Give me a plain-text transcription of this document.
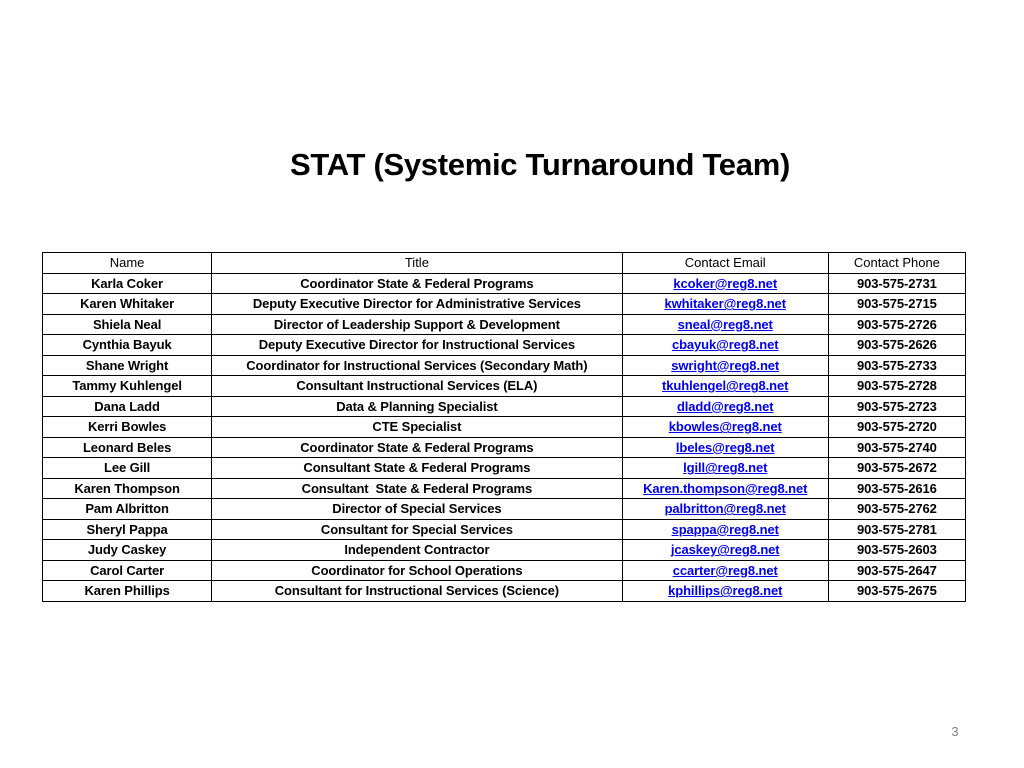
STAT (Systemic Turnaround Team)
Name	Title	Contact Email	Contact Phone
Karla Coker	Coordinator State & Federal Programs	kcoker@reg8.net	903-575-2731
Karen Whitaker	Deputy Executive Director for Administrative Services	kwhitaker@reg8.net	903-575-2715
Shiela Neal	Director of Leadership Support & Development	sneal@reg8.net	903-575-2726
Cynthia Bayuk	Deputy Executive Director for Instructional Services	cbayuk@reg8.net	903-575-2626
Shane Wright	Coordinator for Instructional Services (Secondary Math)	swright@reg8.net	903-575-2733
Tammy Kuhlengel	Consultant Instructional Services (ELA)	tkuhlengel@reg8.net	903-575-2728
Dana Ladd	Data & Planning Specialist	dladd@reg8.net	903-575-2723
Kerri Bowles	CTE Specialist	kbowles@reg8.net	903-575-2720
Leonard Beles	Coordinator State & Federal Programs	lbeles@reg8.net	903-575-2740
Lee Gill	Consultant State & Federal Programs	lgill@reg8.net	903-575-2672
Karen Thompson	Consultant  State & Federal Programs	Karen.thompson@reg8.net	903-575-2616
Pam Albritton	Director of Special Services	palbritton@reg8.net	903-575-2762
Sheryl Pappa	Consultant for Special Services	spappa@reg8.net	903-575-2781
Judy Caskey	Independent Contractor	jcaskey@reg8.net	903-575-2603
Carol Carter	Coordinator for School Operations	ccarter@reg8.net	903-575-2647
Karen Phillips	Consultant for Instructional Services (Science)	kphillips@reg8.net	903-575-2675
3
